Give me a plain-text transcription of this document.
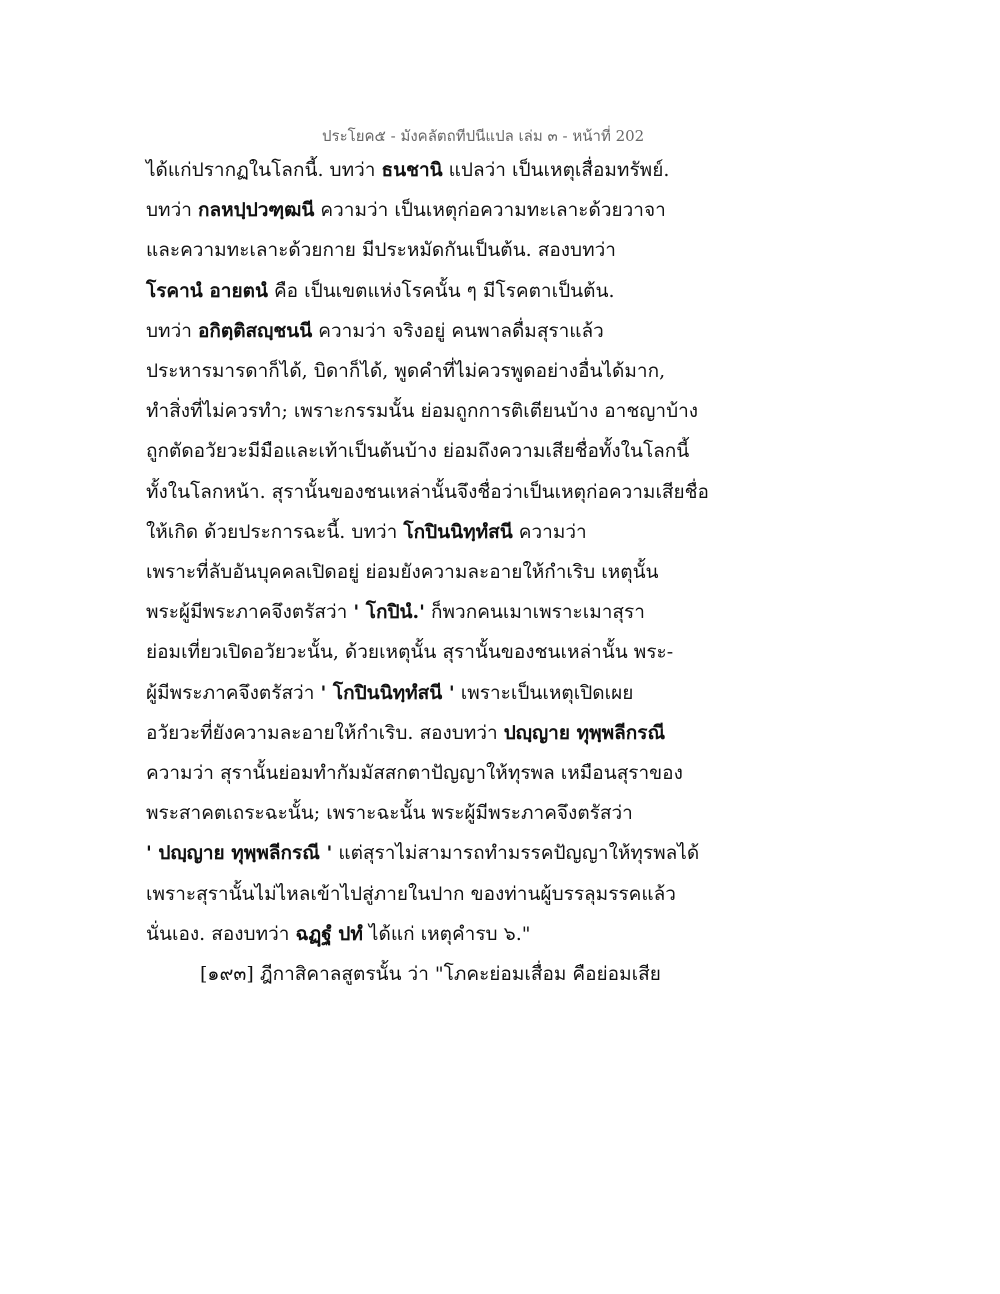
ประโยค๕ - มังคลัตถทีปนีแปล เล่ม ๓ - หน้าที่ 202
ได้แก่ปรากฏในโลกนี้. บทว่า ธนชานิ แปลว่า เป็นเหตุเสื่อมทรัพย์.
บทว่า กลหปฺปวฑฺฒนี ความว่า เป็นเหตุก่อความทะเลาะด้วยวาจา
และความทะเลาะด้วยกาย มีประหมัดกันเป็นต้น. สองบทว่า
โรคานํ อายตนํ คือ เป็นเขตแห่งโรคนั้น ๆ มีโรคตาเป็นต้น.
บทว่า อกิตฺติสญฺชนนี ความว่า จริงอยู่ คนพาลดื่มสุราแล้ว
ประหารมารดาก็ได้, บิดาก็ได้, พูดคำที่ไม่ควรพูดอย่างอื่นได้มาก,
ทำสิ่งที่ไม่ควรทำ; เพราะกรรมนั้น ย่อมถูกการติเตียนบ้าง อาชญาบ้าง
ถูกตัดอวัยวะมีมือและเท้าเป็นต้นบ้าง ย่อมถึงความเสียชื่อทั้งในโลกนี้
ทั้งในโลกหน้า. สุรานั้นของชนเหล่านั้นจึงชื่อว่าเป็นเหตุก่อความเสียชื่อ
ให้เกิด ด้วยประการฉะนี้. บทว่า โกปินนิทฺทํสนี ความว่า
เพราะที่ลับอันบุคคลเปิดอยู่ ย่อมยังความละอายให้กำเริบ เหตุนั้น
พระผู้มีพระภาคจึงตรัสว่า ' โกปินํ.' ก็พวกคนเมาเพราะเมาสุรา
ย่อมเที่ยวเปิดอวัยวะนั้น, ด้วยเหตุนั้น สุรานั้นของชนเหล่านั้น พระ-
ผู้มีพระภาคจึงตรัสว่า ' โกปินนิทฺทํสนี ' เพราะเป็นเหตุเปิดเผย
อวัยวะที่ยังความละอายให้กำเริบ. สองบทว่า ปญฺญาย ทุพฺพลีกรณี
ความว่า สุรานั้นย่อมทำกัมมัสสกตาปัญญาให้ทุรพล เหมือนสุราของ
พระสาคตเถระฉะนั้น; เพราะฉะนั้น พระผู้มีพระภาคจึงตรัสว่า
' ปญฺญาย ทุพฺพลีกรณี ' แต่สุราไม่สามารถทำมรรคปัญญาให้ทุรพลได้
เพราะสุรานั้นไม่ไหลเข้าไปสู่ภายในปาก ของท่านผู้บรรลุมรรคแล้ว
นั่นเอง. สองบทว่า ฉฏฺฐํ ปทํ ได้แก่ เหตุคำรบ ๖."
[๑๙๓] ฎีกาสิคาลสูตรนั้น ว่า "โภคะย่อมเสื่อม คือย่อมเสีย
